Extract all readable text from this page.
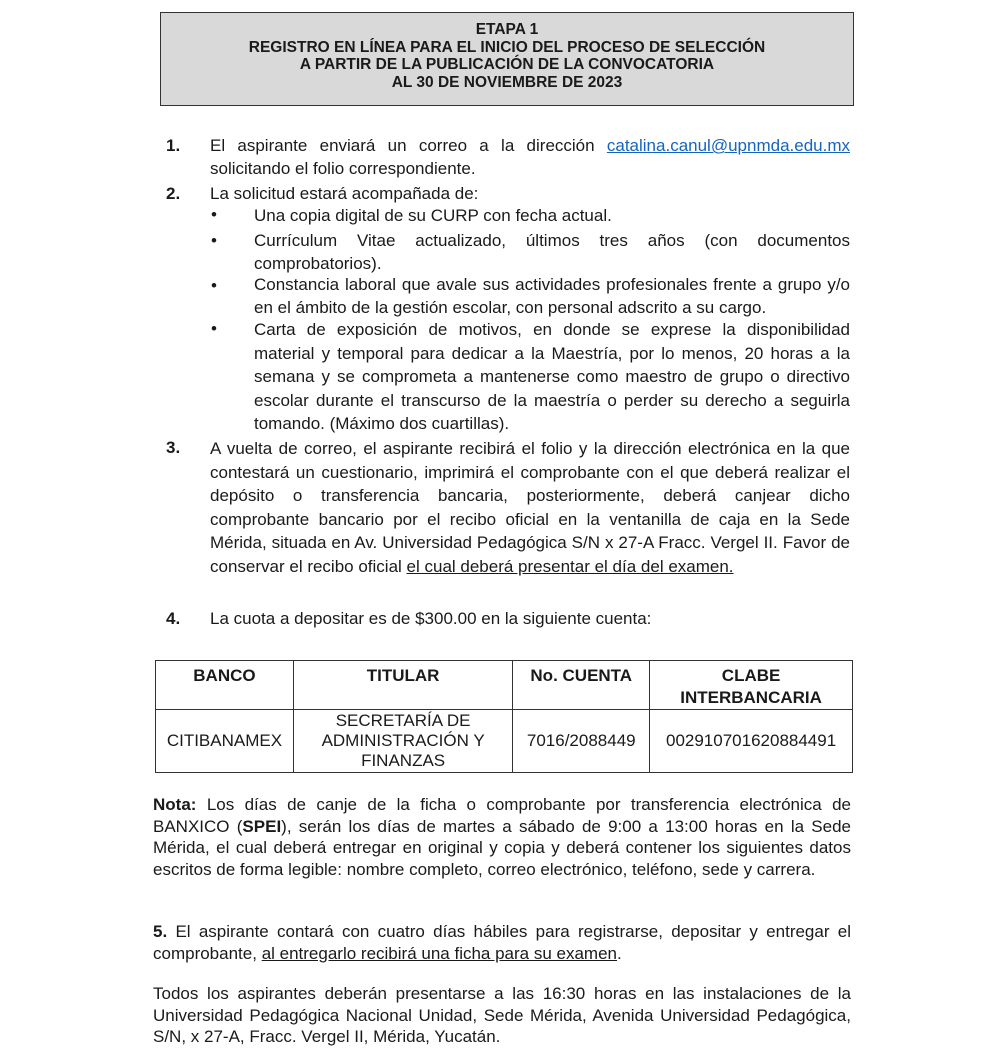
ETAPA 1
REGISTRO EN LÍNEA PARA EL INICIO DEL PROCESO DE SELECCIÓN
A PARTIR DE LA PUBLICACIÓN DE LA CONVOCATORIA
AL 30 DE NOVIEMBRE DE 2023
1. El aspirante enviará un correo a la dirección catalina.canul@upnmda.edu.mx solicitando el folio correspondiente.
2. La solicitud estará acompañada de:
• Una copia digital de su CURP con fecha actual.
• Currículum Vitae actualizado, últimos tres años (con documentos comprobatorios).
• Constancia laboral que avale sus actividades profesionales frente a grupo y/o en el ámbito de la gestión escolar, con personal adscrito a su cargo.
• Carta de exposición de motivos, en donde se exprese la disponibilidad material y temporal para dedicar a la Maestría, por lo menos, 20 horas a la semana y se comprometa a mantenerse como maestro de grupo o directivo escolar durante el transcurso de la maestría o perder su derecho a seguirla tomando. (Máximo dos cuartillas).
3. A vuelta de correo, el aspirante recibirá el folio y la dirección electrónica en la que contestará un cuestionario, imprimirá el comprobante con el que deberá realizar el depósito o transferencia bancaria, posteriormente, deberá canjear dicho comprobante bancario por el recibo oficial en la ventanilla de caja en la Sede Mérida, situada en Av. Universidad Pedagógica S/N x 27-A Fracc. Vergel II. Favor de conservar el recibo oficial el cual deberá presentar el día del examen.
4. La cuota a depositar es de $300.00 en la siguiente cuenta:
BANCO	TITULAR	No. CUENTA	CLABE INTERBANCARIA
CITIBANAMEX	SECRETARÍA DE ADMINISTRACIÓN Y FINANZAS	7016/2088449	002910701620884491
Nota: Los días de canje de la ficha o comprobante por transferencia electrónica de BANXICO (SPEI), serán los días de martes a sábado de 9:00 a 13:00 horas en la Sede Mérida, el cual deberá entregar en original y copia y deberá contener los siguientes datos escritos de forma legible: nombre completo, correo electrónico, teléfono, sede y carrera.
5. El aspirante contará con cuatro días hábiles para registrarse, depositar y entregar el comprobante, al entregarlo recibirá una ficha para su examen.
Todos los aspirantes deberán presentarse a las 16:30 horas en las instalaciones de la Universidad Pedagógica Nacional Unidad, Sede Mérida, Avenida Universidad Pedagógica, S/N, x 27-A, Fracc. Vergel II, Mérida, Yucatán.
